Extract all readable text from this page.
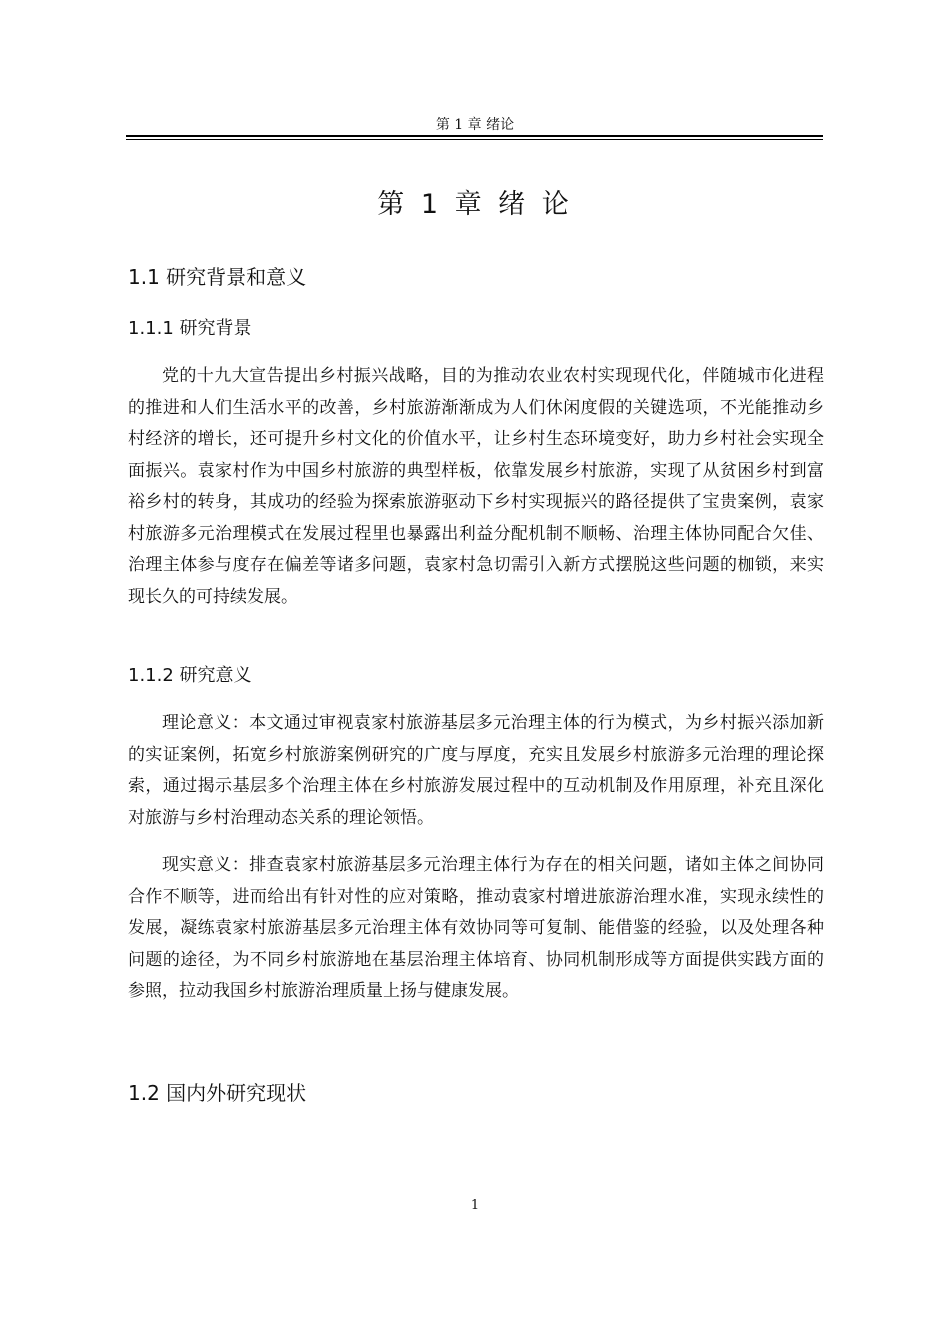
第 1 章 绪论
第 1 章 绪 论
1.1 研究背景和意义
1.1.1 研究背景
党的十九大宣告提出乡村振兴战略，目的为推动农业农村实现现代化，伴随城市化进程的推进和人们生活水平的改善，乡村旅游渐渐成为人们休闲度假的关键选项，不光能推动乡村经济的增长，还可提升乡村文化的价值水平，让乡村生态环境变好，助力乡村社会实现全面振兴。袁家村作为中国乡村旅游的典型样板，依靠发展乡村旅游，实现了从贫困乡村到富裕乡村的转身，其成功的经验为探索旅游驱动下乡村实现振兴的路径提供了宝贵案例，袁家村旅游多元治理模式在发展过程里也暴露出利益分配机制不顺畅、治理主体协同配合欠佳、治理主体参与度存在偏差等诸多问题，袁家村急切需引入新方式摆脱这些问题的枷锁，来实现长久的可持续发展。
1.1.2 研究意义
理论意义：本文通过审视袁家村旅游基层多元治理主体的行为模式，为乡村振兴添加新的实证案例，拓宽乡村旅游案例研究的广度与厚度，充实且发展乡村旅游多元治理的理论探索，通过揭示基层多个治理主体在乡村旅游发展过程中的互动机制及作用原理，补充且深化对旅游与乡村治理动态关系的理论领悟。
现实意义：排查袁家村旅游基层多元治理主体行为存在的相关问题，诸如主体之间协同合作不顺等，进而给出有针对性的应对策略，推动袁家村增进旅游治理水准，实现永续性的发展，凝练袁家村旅游基层多元治理主体有效协同等可复制、能借鉴的经验，以及处理各种问题的途径，为不同乡村旅游地在基层治理主体培育、协同机制形成等方面提供实践方面的参照，拉动我国乡村旅游治理质量上扬与健康发展。
1.2 国内外研究现状
1
